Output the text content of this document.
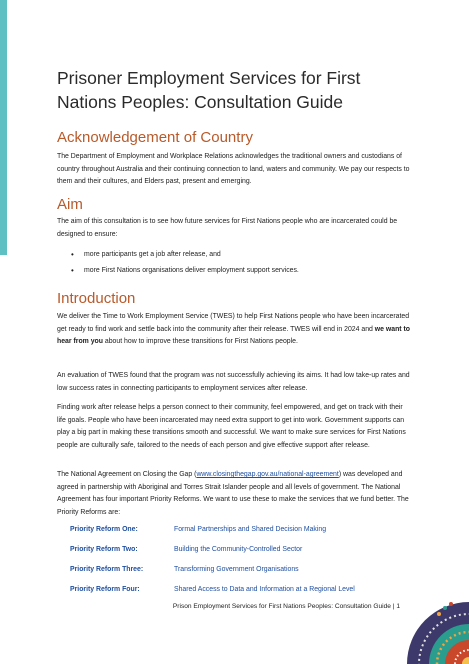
Prisoner Employment Services for First Nations Peoples: Consultation Guide
Acknowledgement of Country

The Department of Employment and Workplace Relations acknowledges the traditional owners and custodians of country throughout Australia and their continuing connection to land, waters and community. We pay our respects to them and their cultures, and Elders past, present and emerging.

Aim

The aim of this consultation is to see how future services for First Nations people who are incarcerated could be designed to ensure:

• more participants get a job after release, and
• more First Nations organisations deliver employment support services.
Introduction

We deliver the Time to Work Employment Service (TWES) to help First Nations people who have been incarcerated get ready to find work and settle back into the community after their release. TWES will end in 2024 and we want to hear from you about how to improve these transitions for First Nations people.

An evaluation of TWES found that the program was not successfully achieving its aims. It had low take-up rates and low success rates in connecting participants to employment services after release.

Finding work after release helps a person connect to their community, feel empowered, and get on track with their life goals. People who have been incarcerated may need extra support to get into work. Government supports can play a big part in making these transitions smooth and successful. We want to make sure services for First Nations people are culturally safe, tailored to the needs of each person and give effective support after release.

The National Agreement on Closing the Gap (www.closingthegap.gov.au/national-agreement) was developed and agreed in partnership with Aboriginal and Torres Strait Islander people and all levels of government. The National Agreement has four important Priority Reforms. We want to use these to make the services that we fund better. The Priority Reforms are:

Priority Reform One:	Formal Partnerships and Shared Decision Making
Priority Reform Two:	Building the Community-Controlled Sector
Priority Reform Three:	Transforming Government Organisations
Priority Reform Four:	Shared Access to Data and Information at a Regional Level
Prison Employment Services for First Nations Peoples: Consultation Guide | 1
